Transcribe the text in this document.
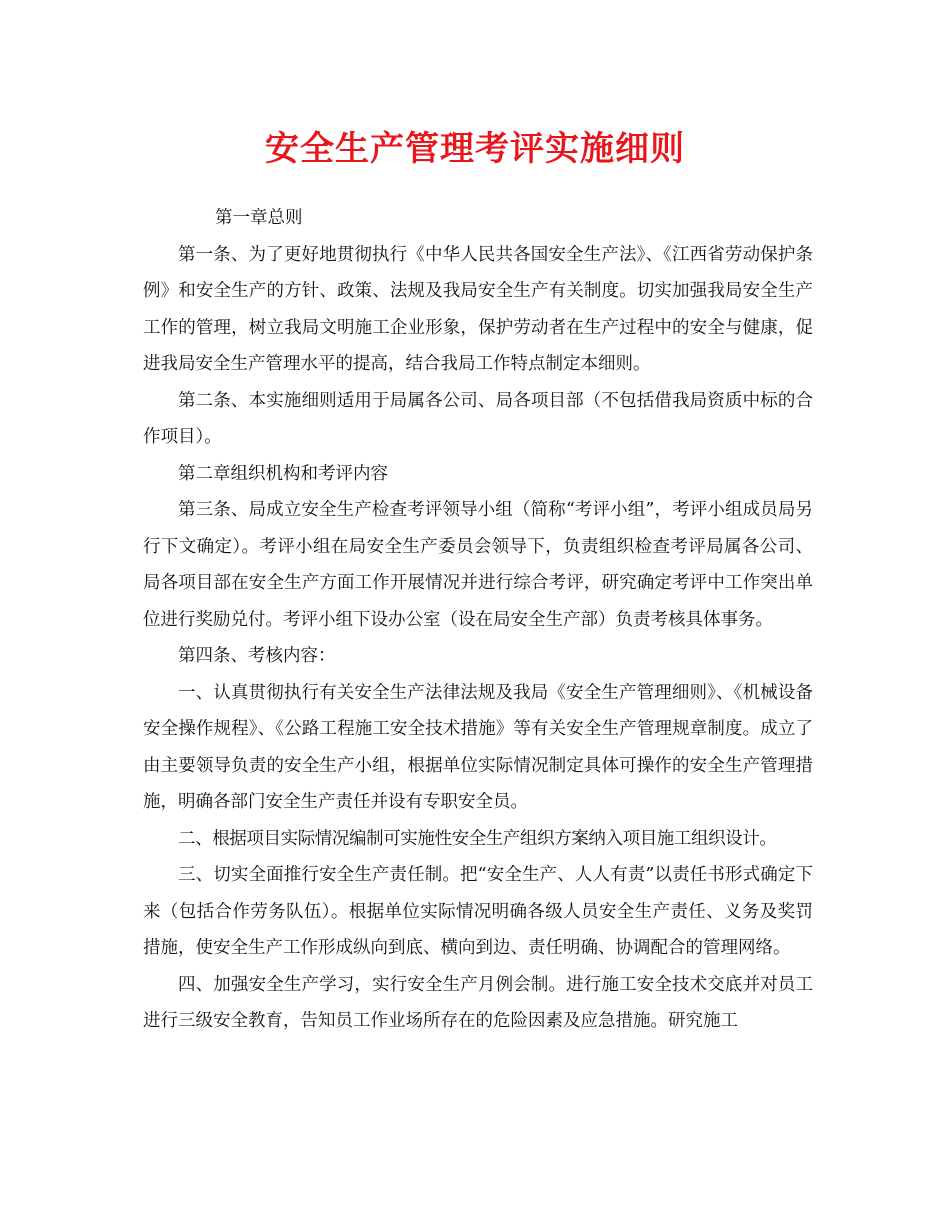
安全生产管理考评实施细则

第一章总则

第一条、为了更好地贯彻执行《中华人民共各国安全生产法》、《江西省劳动保护条例》和安全生产的方针、政策、法规及我局安全生产有关制度。切实加强我局安全生产工作的管理，树立我局文明施工企业形象，保护劳动者在生产过程中的安全与健康，促进我局安全生产管理水平的提高，结合我局工作特点制定本细则。

第二条、本实施细则适用于局属各公司、局各项目部（不包括借我局资质中标的合作项目）。

第二章组织机构和考评内容

第三条、局成立安全生产检查考评领导小组（简称“考评小组”，考评小组成员局另行下文确定）。考评小组在局安全生产委员会领导下，负责组织检查考评局属各公司、局各项目部在安全生产方面工作开展情况并进行综合考评，研究确定考评中工作突出单位进行奖励兑付。考评小组下设办公室（设在局安全生产部）负责考核具体事务。

第四条、考核内容：

一、认真贯彻执行有关安全生产法律法规及我局《安全生产管理细则》、《机械设备安全操作规程》、《公路工程施工安全技术措施》等有关安全生产管理规章制度。成立了由主要领导负责的安全生产小组，根据单位实际情况制定具体可操作的安全生产管理措施，明确各部门安全生产责任并设有专职安全员。

二、根据项目实际情况编制可实施性安全生产组织方案纳入项目施工组织设计。

三、切实全面推行安全生产责任制。把“安全生产、人人有责”以责任书形式确定下来（包括合作劳务队伍）。根据单位实际情况明确各级人员安全生产责任、义务及奖罚措施，使安全生产工作形成纵向到底、横向到边、责任明确、协调配合的管理网络。

四、加强安全生产学习，实行安全生产月例会制。进行施工安全技术交底并对员工进行三级安全教育，告知员工作业场所存在的危险因素及应急措施。研究施工
